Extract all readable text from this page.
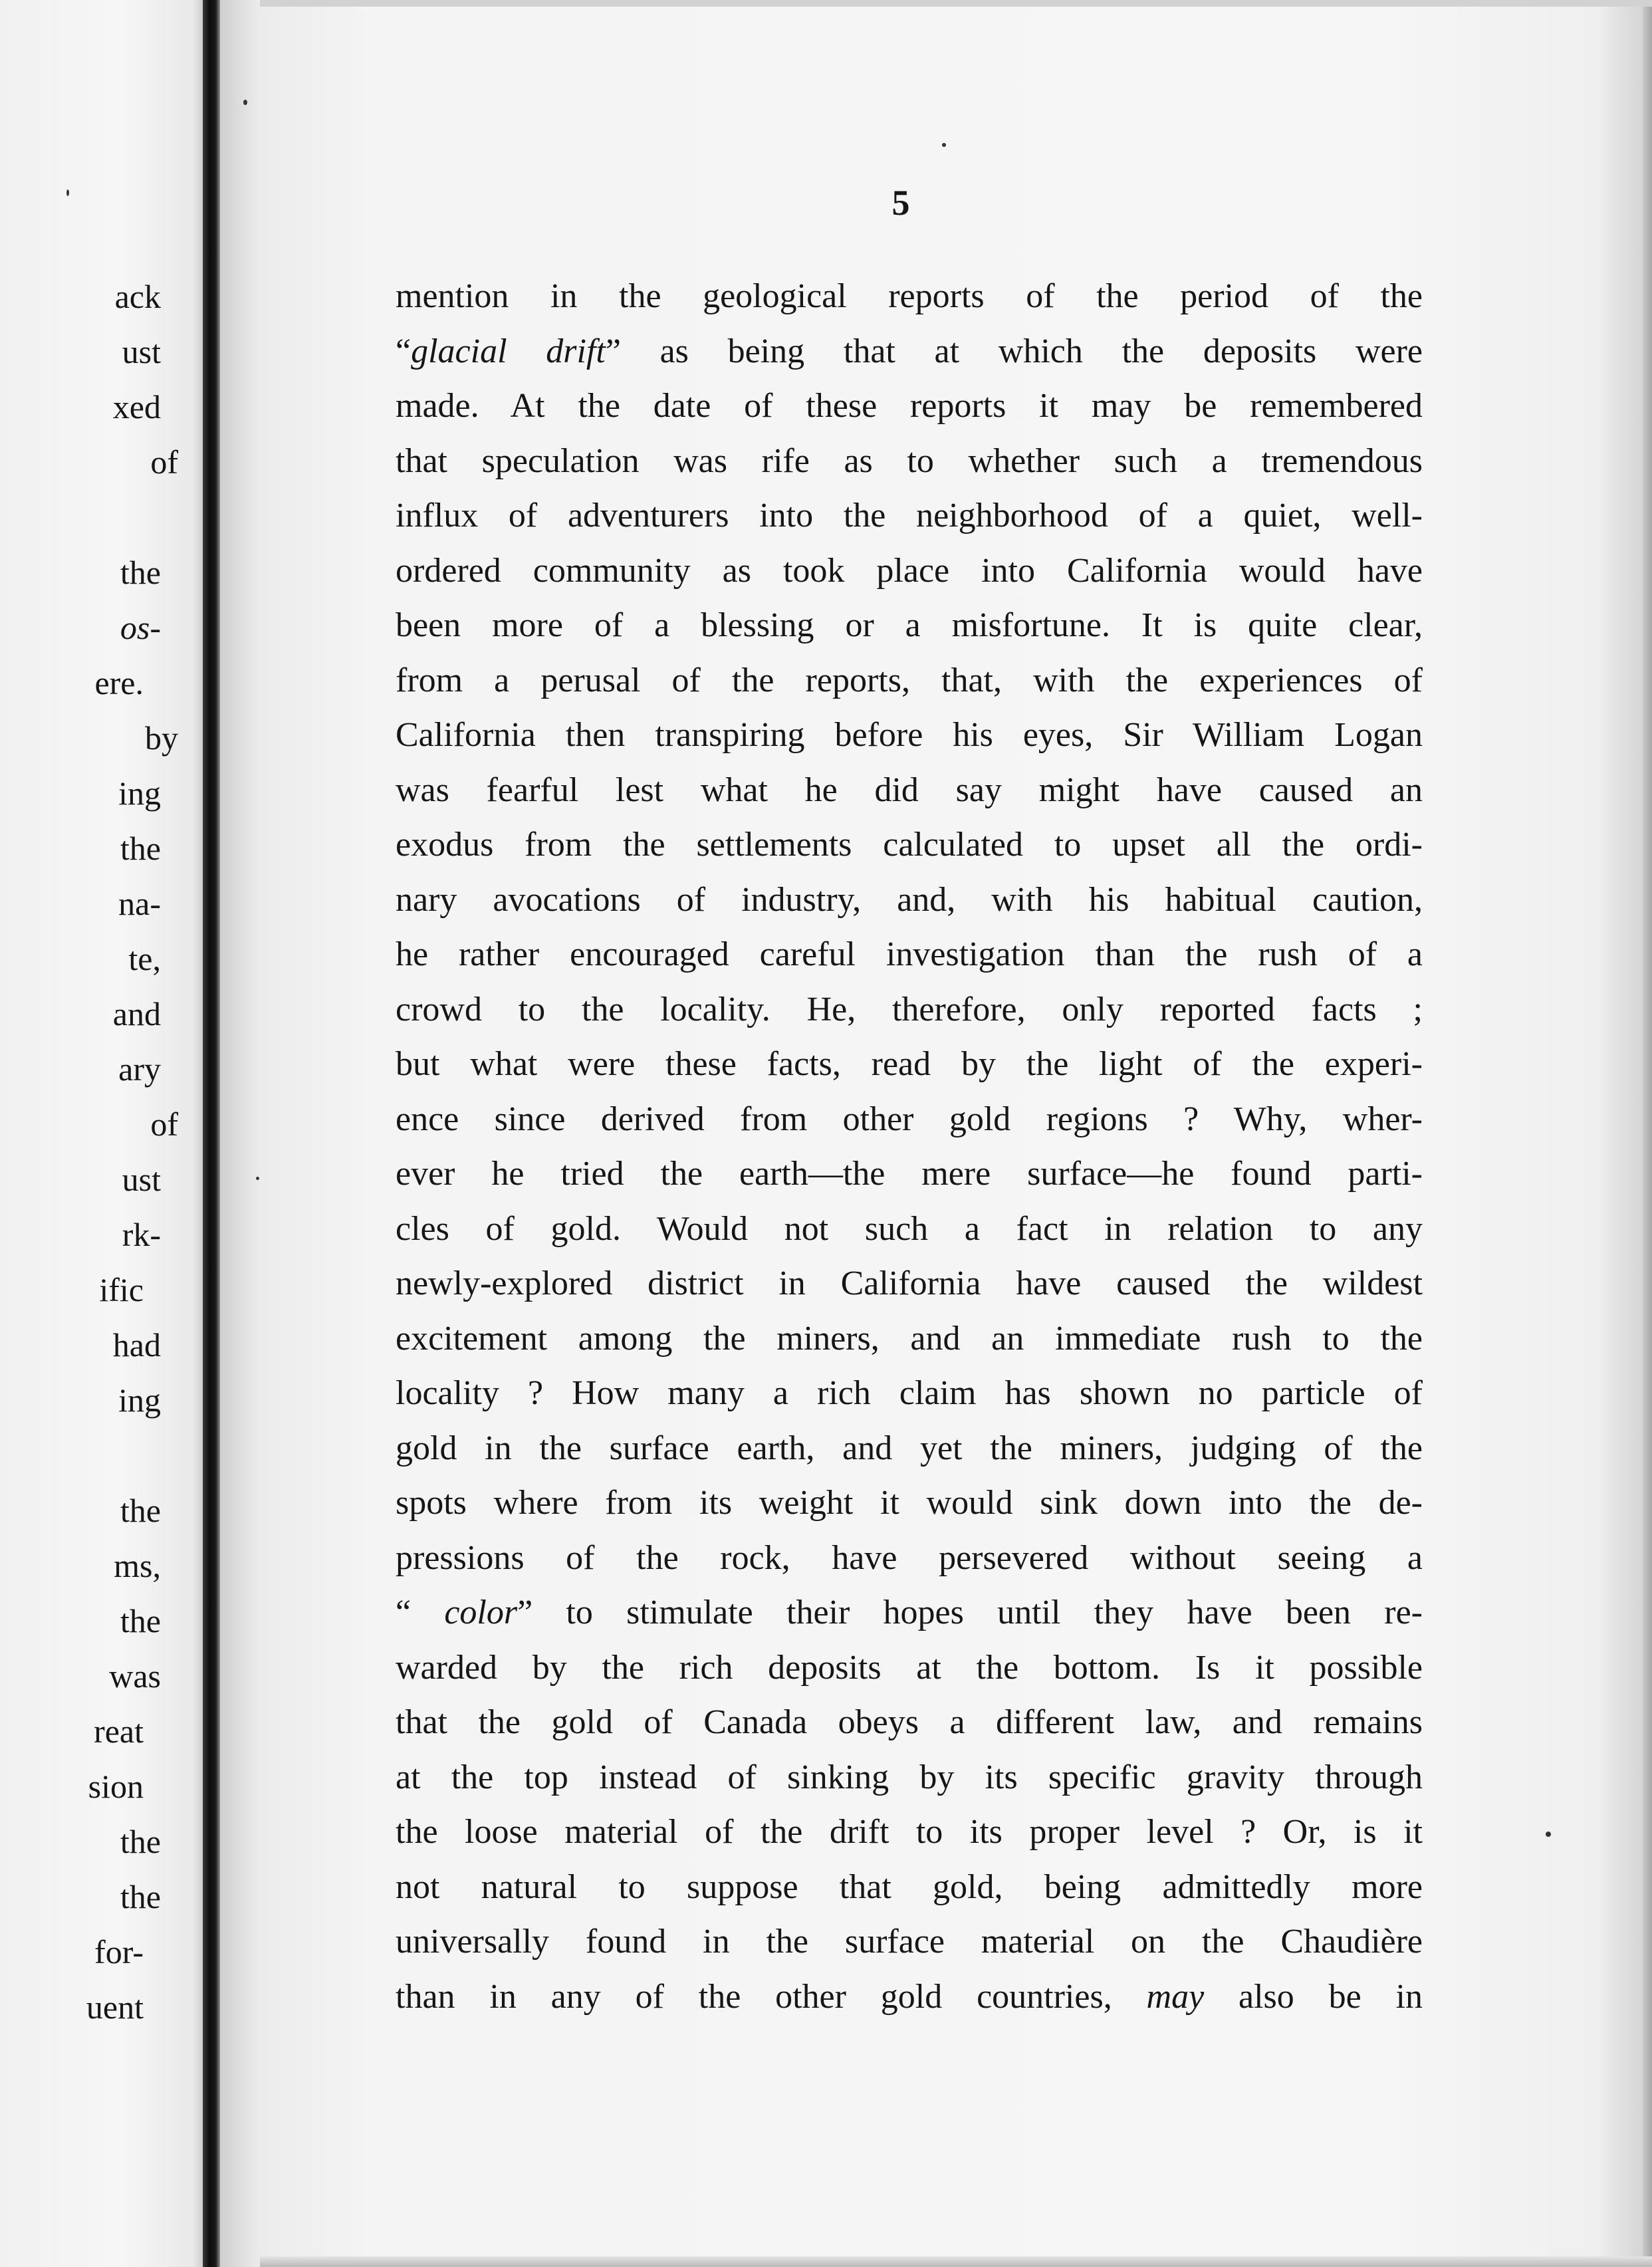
ack
ust
xed
of
the
os-
ere.
by
ing
the
na-
te,
and
ary
of
ust
rk-
ific
had
ing
the
ms,
the
was
reat
sion
the
the
for-
uent
5
mention in the geological reports of the period of the
“glacial drift” as being that at which the deposits were
made. At the date of these reports it may be remembered
that speculation was rife as to whether such a tremendous
influx of adventurers into the neighborhood of a quiet, well-
ordered community as took place into California would have
been more of a blessing or a misfortune. It is quite clear,
from a perusal of the reports, that, with the experiences of
California then transpiring before his eyes, Sir William Logan
was fearful lest what he did say might have caused an
exodus from the settlements calculated to upset all the ordi-
nary avocations of industry, and, with his habitual caution,
he rather encouraged careful investigation than the rush of a
crowd to the locality. He, therefore, only reported facts ;
but what were these facts, read by the light of the experi-
ence since derived from other gold regions ? Why, wher-
ever he tried the earth—the mere surface—he found parti-
cles of gold. Would not such a fact in relation to any
newly-explored district in California have caused the wildest
excitement among the miners, and an immediate rush to the
locality ? How many a rich claim has shown no particle of
gold in the surface earth, and yet the miners, judging of the
spots where from its weight it would sink down into the de-
pressions of the rock, have persevered without seeing a
“ color” to stimulate their hopes until they have been re-
warded by the rich deposits at the bottom. Is it possible
that the gold of Canada obeys a different law, and remains
at the top instead of sinking by its specific gravity through
the loose material of the drift to its proper level ? Or, is it
not natural to suppose that gold, being admittedly more
universally found in the surface material on the Chaudière
than in any of the other gold countries, may also be in
